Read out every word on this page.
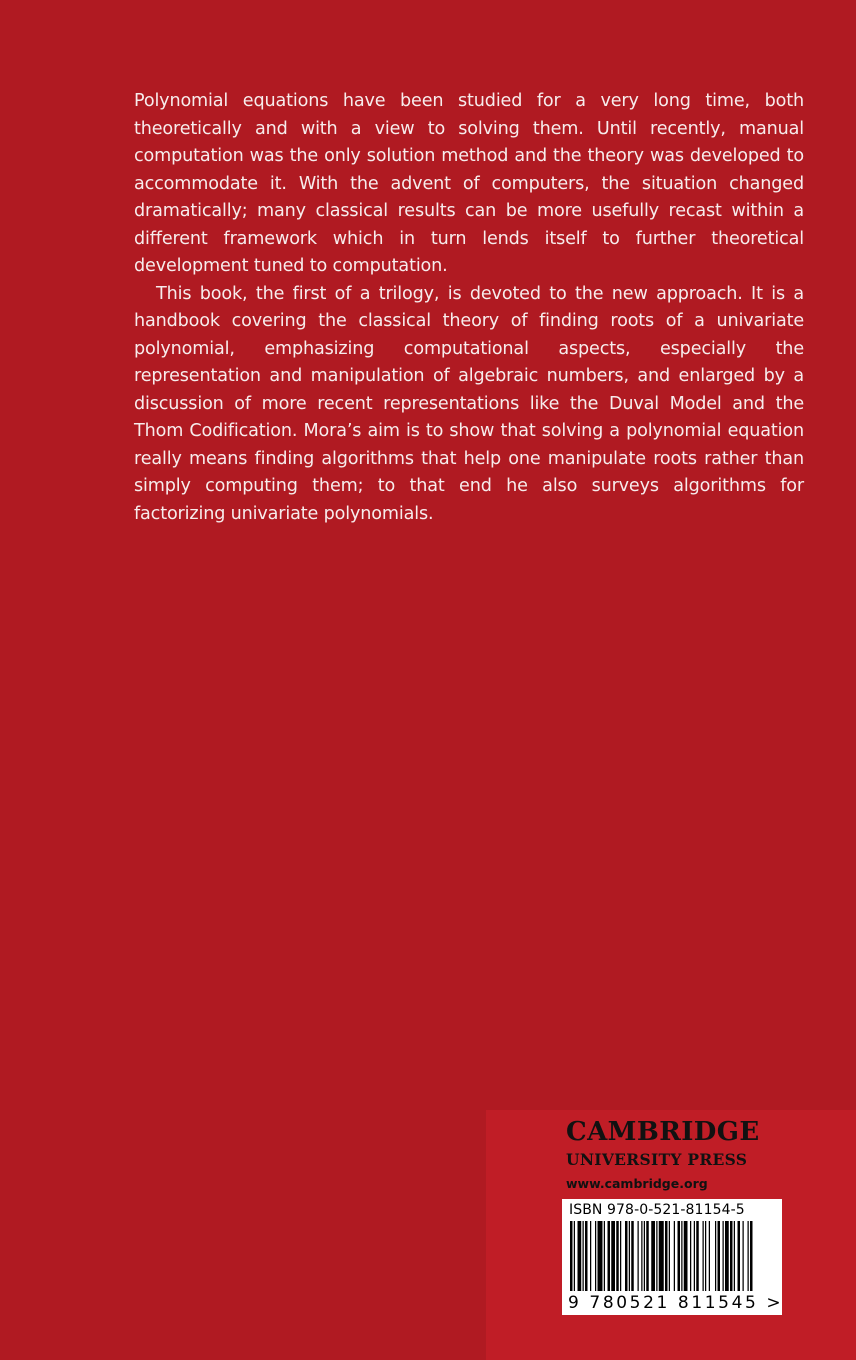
Polynomial equations have been studied for a very long time, both theoretically and with a view to solving them. Until recently, manual computation was the only solution method and the theory was developed to accommodate it. With the advent of computers, the situation changed dramatically; many classical results can be more usefully recast within a different framework which in turn lends itself to further theoretical development tuned to computation.

This book, the first of a trilogy, is devoted to the new approach. It is a handbook covering the classical theory of finding roots of a univariate polynomial, emphasizing computational aspects, especially the representation and manipulation of algebraic numbers, and enlarged by a discussion of more recent representations like the Duval Model and the Thom Codification. Mora’s aim is to show that solving a polynomial equation really means finding algorithms that help one manipulate roots rather than simply computing them; to that end he also surveys algorithms for factorizing univariate polynomials.

CAMBRIDGE
UNIVERSITY PRESS
www.cambridge.org
ISBN 978-0-521-81154-5
9 780521 811545 >
